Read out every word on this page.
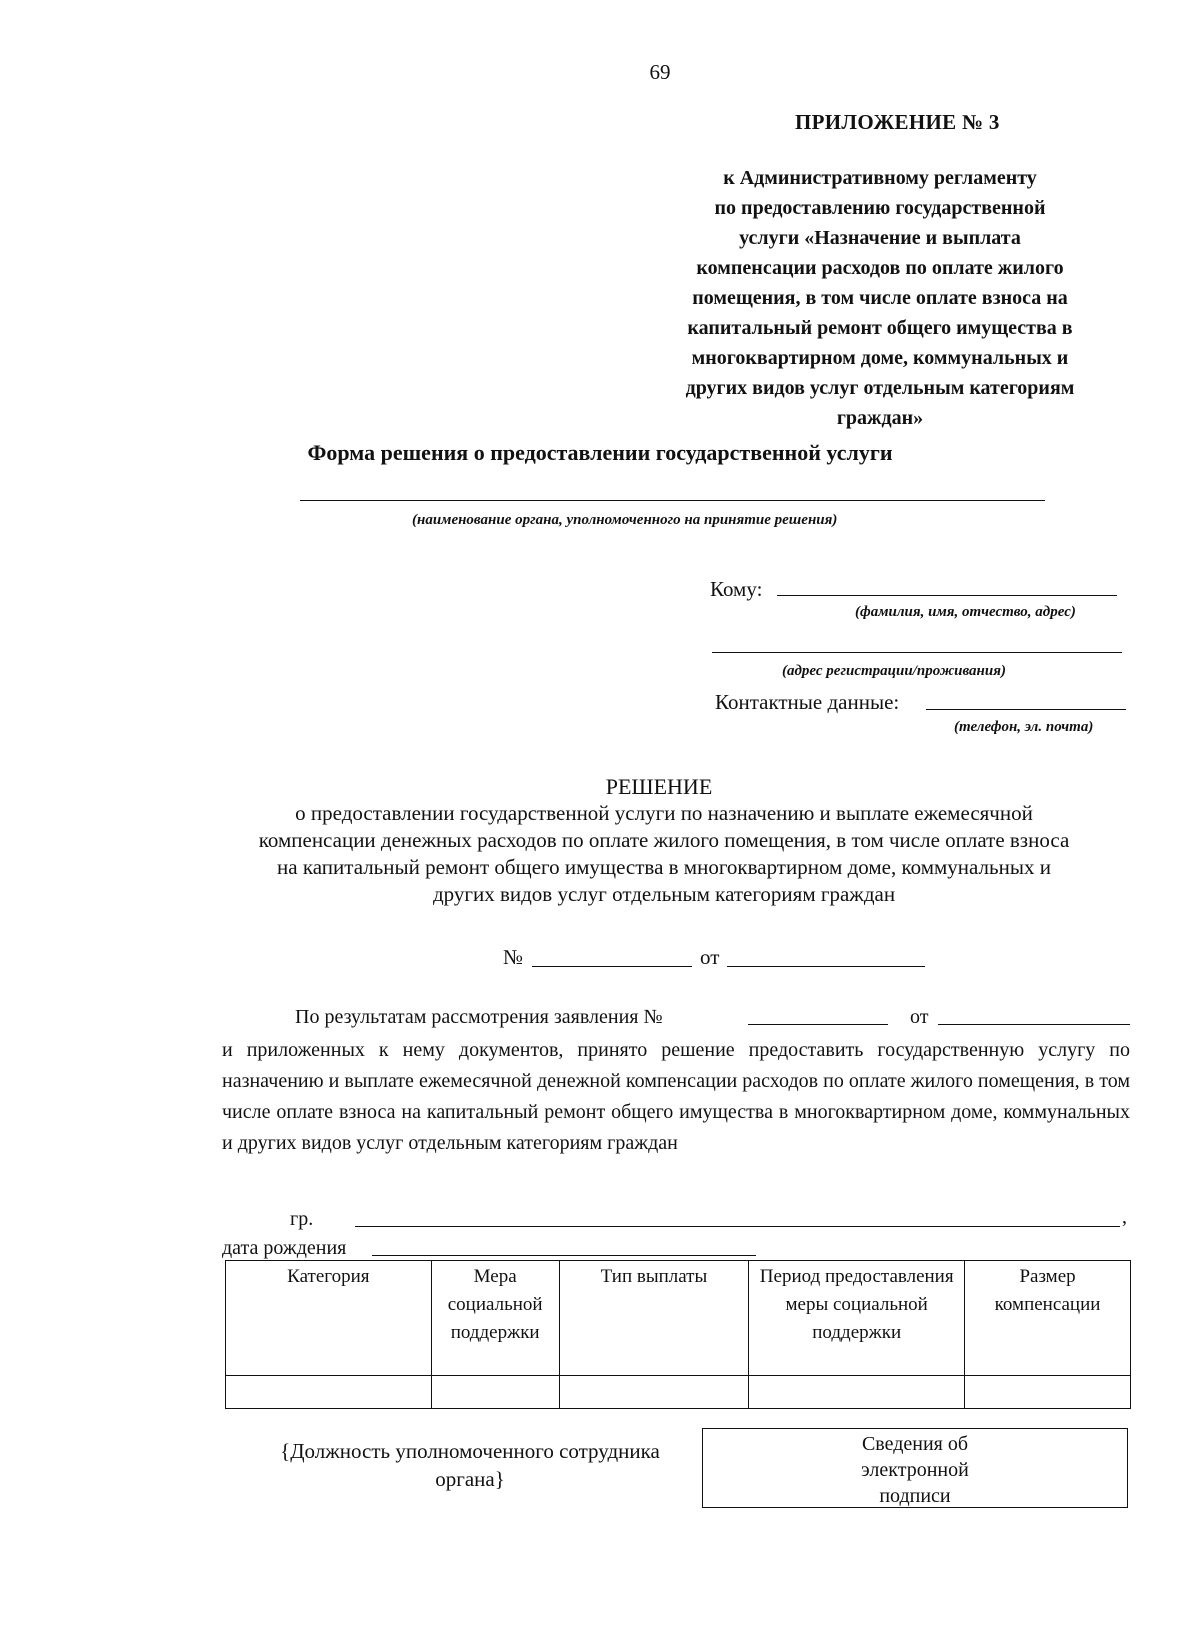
69
ПРИЛОЖЕНИЕ № 3
к Административному регламенту
по предоставлению государственной
услуги «Назначение и выплата
компенсации расходов по оплате жилого
помещения, в том числе оплате взноса на
капитальный ремонт общего имущества в
многоквартирном доме, коммунальных и
других видов услуг отдельным категориям
граждан»
Форма решения о предоставлении государственной услуги
(наименование органа, уполномоченного на принятие решения)
Кому:
(фамилия, имя, отчество, адрес)
(адрес регистрации/проживания)
Контактные данные:
(телефон, эл. почта)
РЕШЕНИЕ
о предоставлении государственной услуги по назначению и выплате ежемесячной
компенсации денежных расходов по оплате жилого помещения, в том числе оплате взноса
на капитальный ремонт общего имущества в многоквартирном доме, коммунальных и
других видов услуг отдельным категориям граждан
№	от
По результатам рассмотрения заявления №	от
и приложенных к нему документов, принято решение предоставить государственную услугу по назначению и выплате ежемесячной денежной компенсации расходов по оплате жилого помещения, в том числе оплате взноса на капитальный ремонт общего имущества в многоквартирном доме, коммунальных и других видов услуг отдельным категориям граждан
гр.	,
дата рождения
Категория	Мера социальной поддержки	Тип выплаты	Период предоставления меры социальной поддержки	Размер компенсации

{Должность уполномоченного сотрудника органа}
Сведения об электронной подписи
